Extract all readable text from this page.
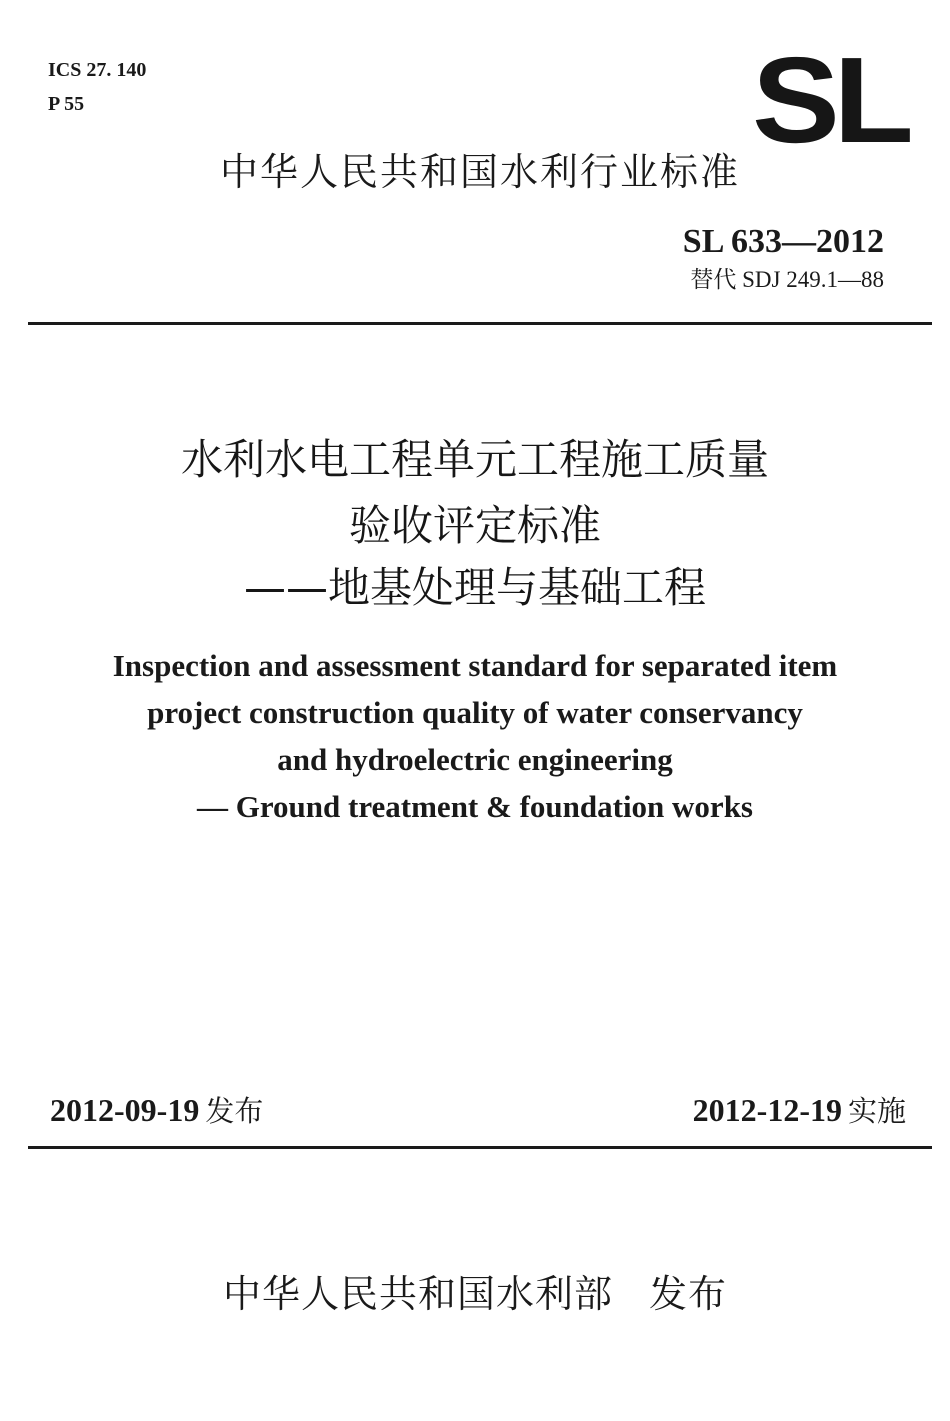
ICS 27. 140
P 55	SL
中华人民共和国水利行业标准
SL 633—2012
替代 SDJ 249.1—88
水利水电工程单元工程施工质量
验收评定标准
——地基处理与基础工程
Inspection and assessment standard for separated item
project construction quality of water conservancy
and hydroelectric engineering
— Ground treatment & foundation works
2012-09-19 发布	2012-12-19 实施
中华人民共和国水利部 发布
